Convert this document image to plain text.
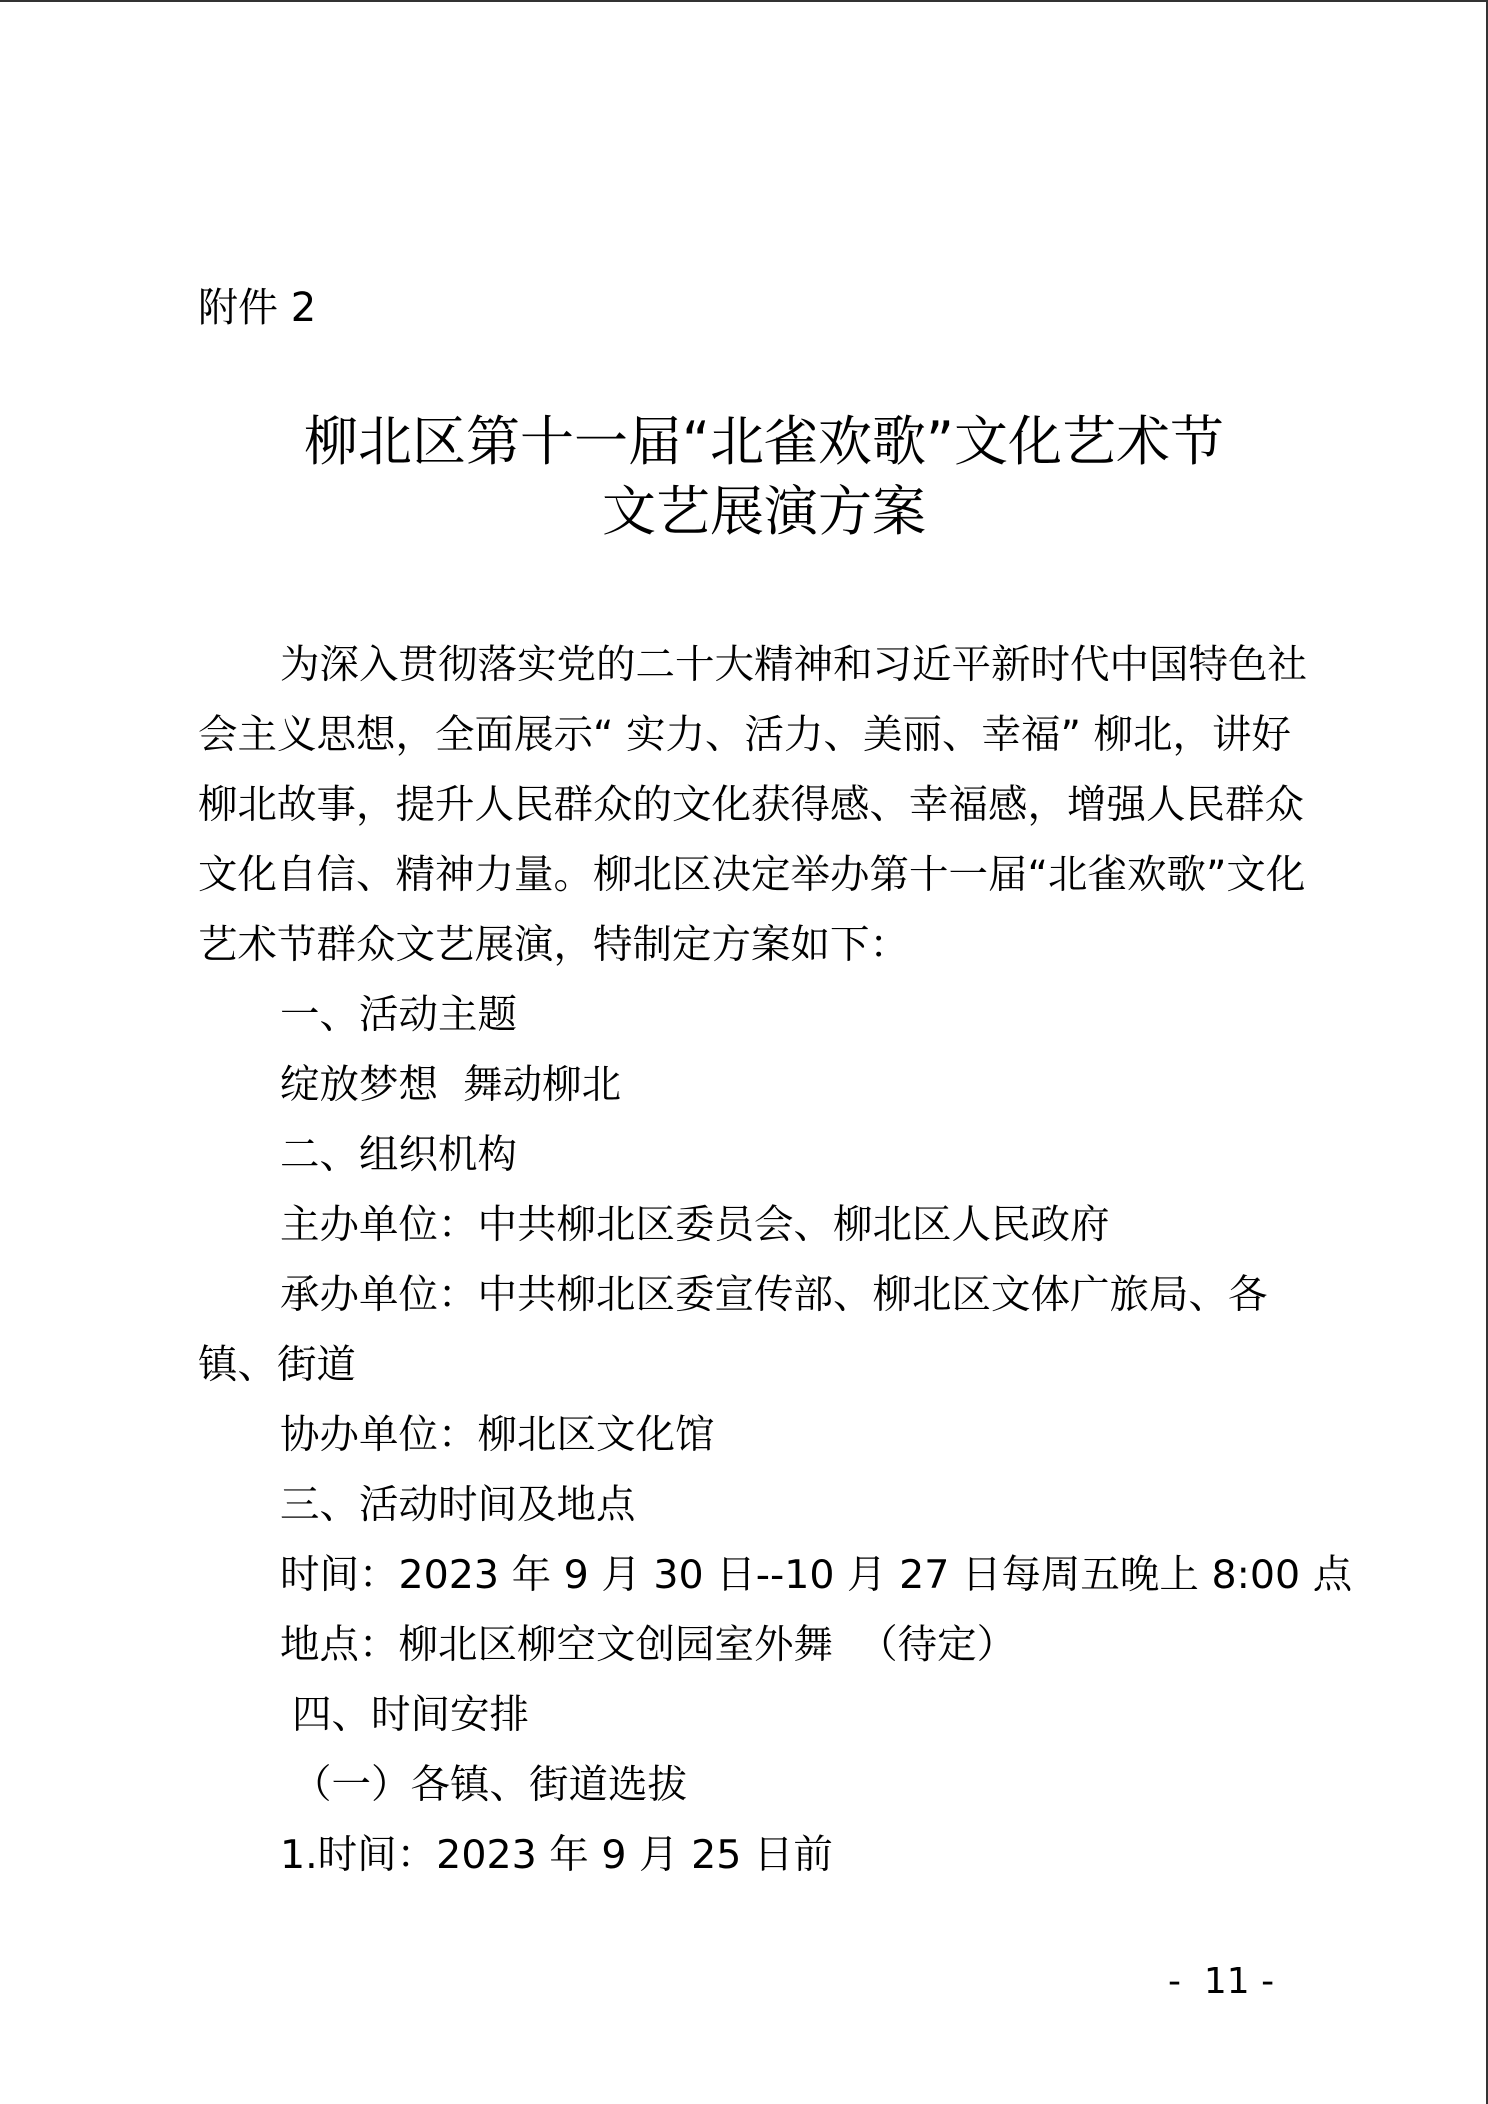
附件 2
柳北区第十一届“北雀欢歌”文化艺术节
文艺展演方案

为深入贯彻落实党的二十大精神和习近平新时代中国特色社会主义思想，全面展示“ 实力、活力、美丽、幸福” 柳北，讲好柳北故事，提升人民群众的文化获得感、幸福感，增强人民群众文化自信、精神力量。柳北区决定举办第十一届“北雀欢歌”文化艺术节群众文艺展演，特制定方案如下：

一、活动主题

绽放梦想  舞动柳北

二、组织机构

主办单位：中共柳北区委员会、柳北区人民政府

承办单位：中共柳北区委宣传部、柳北区文体广旅局、各镇、街道

协办单位：柳北区文化馆

三、活动时间及地点

时间：2023 年 9 月 30 日--10 月 27 日每周五晚上 8:00 点

地点：柳北区柳空文创园室外舞  （待定）

四、时间安排

（一）各镇、街道选拔

1.时间：2023 年 9 月 25 日前

-  11 -
